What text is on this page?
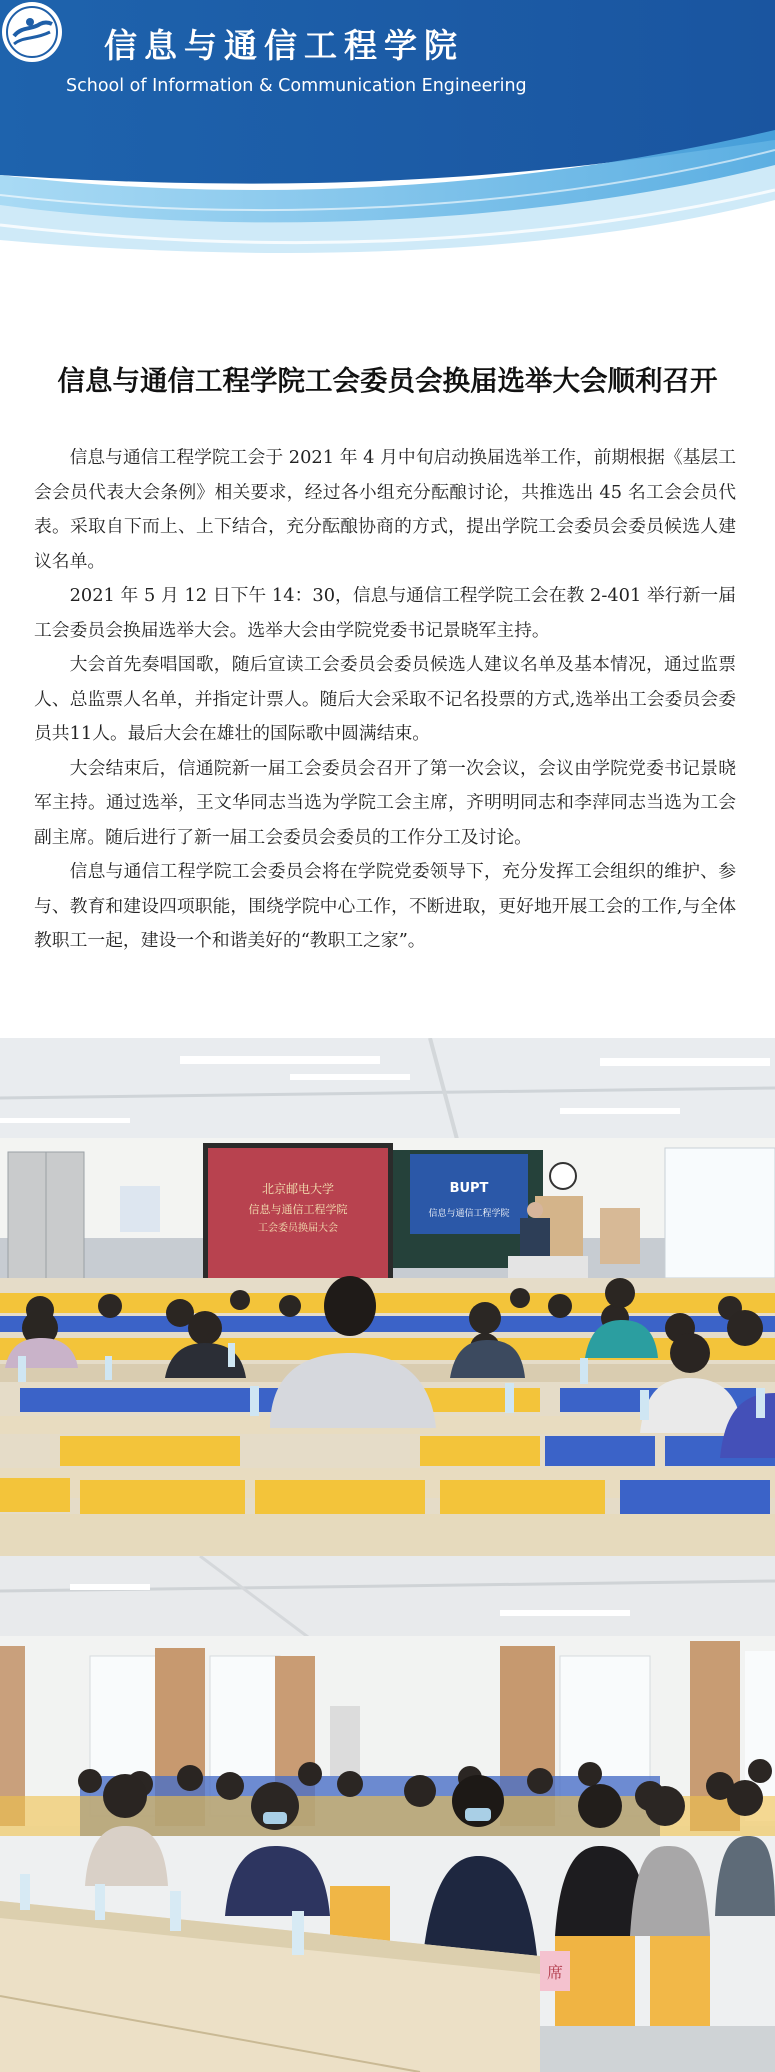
信息与通信工程学院
School of Information & Communication Engineering
信息与通信工程学院工会委员会换届选举大会顺利召开

信息与通信工程学院工会于 2021 年 4 月中旬启动换届选举工作，前期根据《基层工会会员代表大会条例》相关要求，经过各小组充分酝酿讨论，共推选出 45 名工会会员代表。采取自下而上、上下结合，充分酝酿协商的方式，提出学院工会委员会委员候选人建议名单。

2021 年 5 月 12 日下午 14：30，信息与通信工程学院工会在教 2-401 举行新一届工会委员会换届选举大会。选举大会由学院党委书记景晓军主持。

大会首先奏唱国歌，随后宣读工会委员会委员候选人建议名单及基本情况，通过监票人、总监票人名单，并指定计票人。随后大会采取不记名投票的方式,选举出工会委员会委员共11人。最后大会在雄壮的国际歌中圆满结束。

大会结束后，信通院新一届工会委员会召开了第一次会议，会议由学院党委书记景晓军主持。通过选举，王文华同志当选为学院工会主席，齐明明同志和李萍同志当选为工会副主席。随后进行了新一届工会委员会委员的工作分工及讨论。

信息与通信工程学院工会委员会将在学院党委领导下，充分发挥工会组织的维护、参与、教育和建设四项职能，围绕学院中心工作，不断进取，更好地开展工会的工作,与全体教职工一起，建设一个和谐美好的“教职工之家”。

北京邮电大学
信息与通信工程学院
工会委员换届大会
BUPT
信息与通信工程学院
席
